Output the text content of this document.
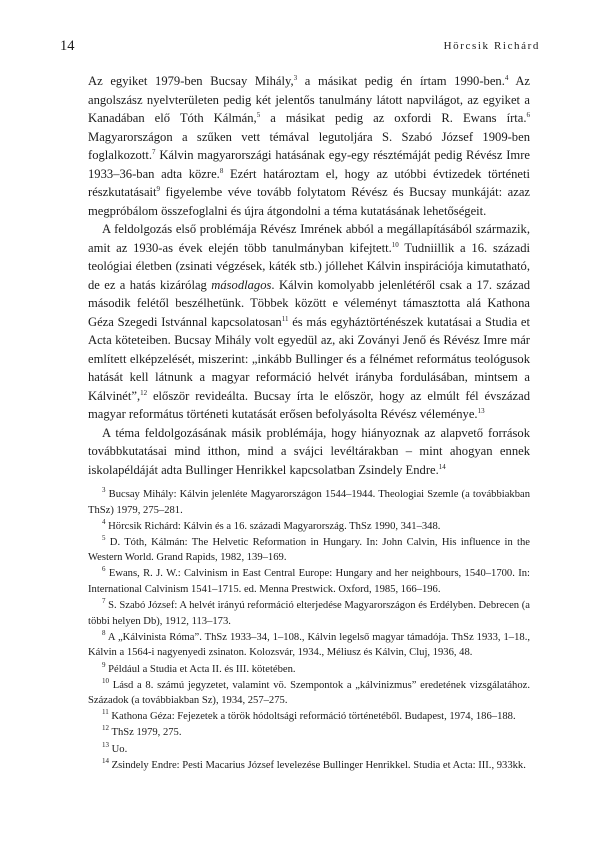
14	Hörcsik Richárd

Az egyiket 1979-ben Bucsay Mihály,$^3$ a másikat pedig én írtam 1990-ben.$^4$ Az angolszász nyelvterületen pedig két jelentős tanulmány látott napvilágot, az egyiket a Kanadában elő Tóth Kálmán,$^5$ a másikat pedig az oxfordi R. Ewans írta.$^6$ Magyarországon a szűken vett témával legutoljára S. Szabó József 1909-ben foglalkozott.$^7$ Kálvin magyarországi hatásának egy-egy résztémáját pedig Révész Imre 1933–36-ban adta közre.$^8$ Ezért határoztam el, hogy az utóbbi évtizedek történeti részkutatásait$^9$ figyelembe véve tovább folytatom Révész és Bucsay munkáját: azaz megpróbálom összefoglalni és újra átgondolni a téma kutatásának lehetőségeit.

A feldolgozás első problémája Révész Imrének abból a megállapításából származik, amit az 1930-as évek elején több tanulmányban kifejtett.$^{10}$ Tudniillik a 16. századi teológiai életben (zsinati végzések, káték stb.) jóllehet Kálvin inspirációja kimutatható, de ez a hatás kizárólag másodlagos. Kálvin komolyabb jelenlétéről csak a 17. század második felétől beszélhetünk. Többek között e véleményt támasztotta alá Kathona Géza Szegedi Istvánnal kapcsolatosan$^{11}$ és más egyháztörténészek kutatásai a Studia et Acta köteteiben. Bucsay Mihály volt egyedül az, aki Zoványi Jenő és Révész Imre már említett elképzelését, miszerint: „inkább Bullinger és a félnémet református teológusok hatását kell látnunk a magyar reformáció helvét irányba fordulásában, mintsem a Kálvinét”,$^{12}$ először revideálta. Bucsay írta le először, hogy az elmúlt fél évszázad magyar református történeti kutatását erősen befolyásolta Révész véleménye.$^{13}$

A téma feldolgozásának másik problémája, hogy hiányoznak az alapvető források továbbkutatásai mind itthon, mind a svájci levéltárakban – mint ahogyan ennek iskolapéldáját adta Bullinger Henrikkel kapcsolatban Zsindely Endre.$^{14}$

$^3$ Bucsay Mihály: Kálvin jelenléte Magyarországon 1544–1944. Theologiai Szemle (a továbbiakban ThSz) 1979, 275–281.

$^4$ Hörcsik Richárd: Kálvin és a 16. századi Magyarország. ThSz 1990, 341–348.

$^5$ D. Tóth, Kálmán: The Helvetic Reformation in Hungary. In: John Calvin, His influence in the Western World. Grand Rapids, 1982, 139–169.

$^6$ Ewans, R. J. W.: Calvinism in East Central Europe: Hungary and her neighbours, 1540–1700. In: International Calvinism 1541–1715. ed. Menna Prestwick. Oxford, 1985, 166–196.

$^7$ S. Szabó József: A helvét irányú reformáció elterjedése Magyarországon és Erdélyben. Debrecen (a többi helyen Db), 1912, 113–173.

$^8$ A „Kálvinista Róma”. ThSz 1933–34, 1–108., Kálvin legelső magyar támadója. ThSz 1933, 1–18., Kálvin a 1564-i nagyenyedi zsinaton. Kolozsvár, 1934., Méliusz és Kálvin, Cluj, 1936, 48.

$^9$ Például a Studia et Acta II. és III. kötetében.

$^{10}$ Lásd a 8. számú jegyzetet, valamint vö. Szempontok a „kálvinizmus” eredetének vizsgálatához. Századok (a továbbiakban Sz), 1934, 257–275.

$^{11}$ Kathona Géza: Fejezetek a török hódoltsági reformáció történetéből. Budapest, 1974, 186–188.

$^{12}$ ThSz 1979, 275.

$^{13}$ Uo.

$^{14}$ Zsindely Endre: Pesti Macarius József levelezése Bullinger Henrikkel. Studia et Acta: III., 933kk.
